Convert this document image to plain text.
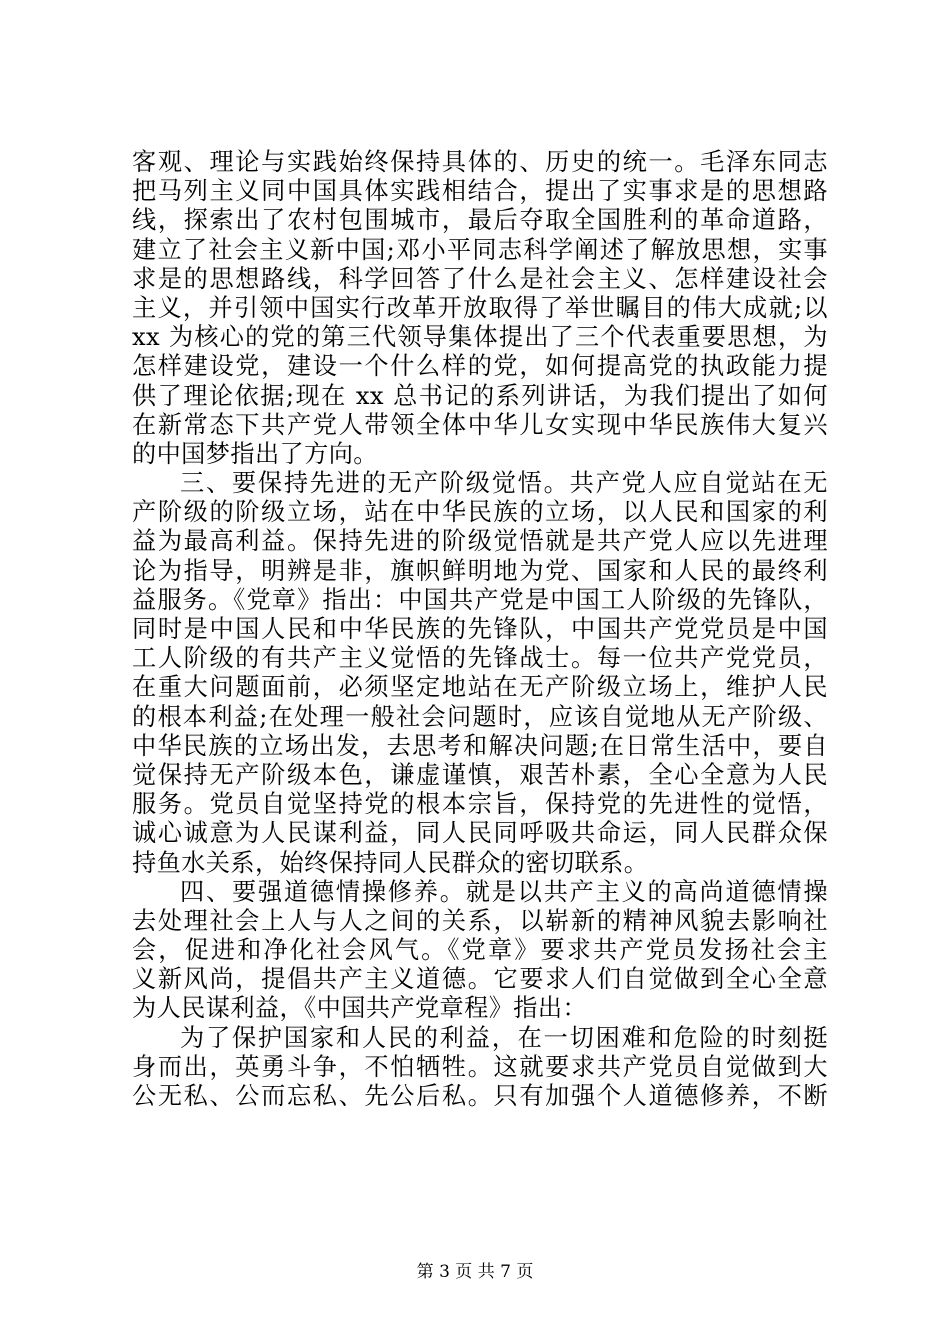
客观、理论与实践始终保持具体的、历史的统一。毛泽东同志
把马列主义同中国具体实践相结合，提出了实事求是的思想路
线，探索出了农村包围城市，最后夺取全国胜利的革命道路，
建立了社会主义新中国;邓小平同志科学阐述了解放思想，实事
求是的思想路线，科学回答了什么是社会主义、怎样建设社会
主义，并引领中国实行改革开放取得了举世瞩目的伟大成就;以
xx 为核心的党的第三代领导集体提出了三个代表重要思想，为
怎样建设党，建设一个什么样的党，如何提高党的执政能力提
供了理论依据;现在 xx 总书记的系列讲话，为我们提出了如何
在新常态下共产党人带领全体中华儿女实现中华民族伟大复兴
的中国梦指出了方向。
三、要保持先进的无产阶级觉悟。共产党人应自觉站在无
产阶级的阶级立场，站在中华民族的立场，以人民和国家的利
益为最高利益。保持先进的阶级觉悟就是共产党人应以先进理
论为指导，明辨是非，旗帜鲜明地为党、国家和人民的最终利
益服务。《党章》指出：中国共产党是中国工人阶级的先锋队，
同时是中国人民和中华民族的先锋队，中国共产党党员是中国
工人阶级的有共产主义觉悟的先锋战士。每一位共产党党员，
在重大问题面前，必须坚定地站在无产阶级立场上，维护人民
的根本利益;在处理一般社会问题时，应该自觉地从无产阶级、
中华民族的立场出发，去思考和解决问题;在日常生活中，要自
觉保持无产阶级本色，谦虚谨慎，艰苦朴素，全心全意为人民
服务。党员自觉坚持党的根本宗旨，保持党的先进性的觉悟，
诚心诚意为人民谋利益，同人民同呼吸共命运，同人民群众保
持鱼水关系，始终保持同人民群众的密切联系。
四、要强道德情操修养。就是以共产主义的高尚道德情操
去处理社会上人与人之间的关系，以崭新的精神风貌去影响社
会，促进和净化社会风气。《党章》要求共产党员发扬社会主
义新风尚，提倡共产主义道德。它要求人们自觉做到全心全意
为人民谋利益，《中国共产党章程》指出：
为了保护国家和人民的利益，在一切困难和危险的时刻挺
身而出，英勇斗争，不怕牺牲。这就要求共产党员自觉做到大
公无私、公而忘私、先公后私。只有加强个人道德修养，不断
第 3 页 共 7 页
